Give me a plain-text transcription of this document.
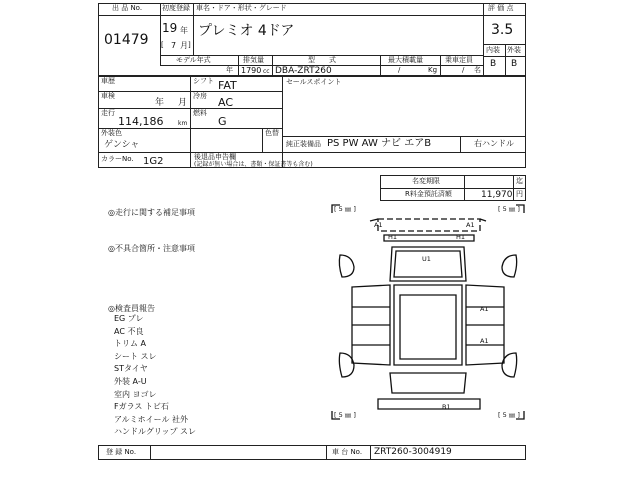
出 品 No.
01479
初度登録
19 年
[ 7 月 ]
車名・ドア・形状・グレード
プレミオ 4ドア
評 価 点
3.5
内装 外装
B B
モデル年式
年
排気量
1790 cc
型　　式
DBA-ZRT260
最大積載量
/	Kg
乗車定員
/ 名
車歴	シフト FAT
車検
年 月
冷房 AC
走行
114,186 km
燃料
G
外装色
ゲンシャ
色替
カラーNo. 1G2	後退品申告欄
(記録が無い場合は、書類・保証書等も含む)
セールスポイント
純正装備品 PS PW AW ナビ エアB	右ハンドル
名変期限	迄
R料金預託済額	11,970 円
◎走行に関する補足事項
◎不具合箇所・注意事項
◎検査員報告
EG プレ
AC 不良
トリム A
シート スレ
STタイヤ
外装 A-U
室内 ヨゴレ
Fガラス トビ石
アルミホイール 社外
ハンドルグリップ スレ
[ 5 ㎜ ]	[ 5 ㎜ ]
[ 5 ㎜ ]	[ 5 ㎜ ]
A1	A1
H1	H1
U1
A1
A1
B1
登 録 No.	車 台 No. ZRT260-3004919
